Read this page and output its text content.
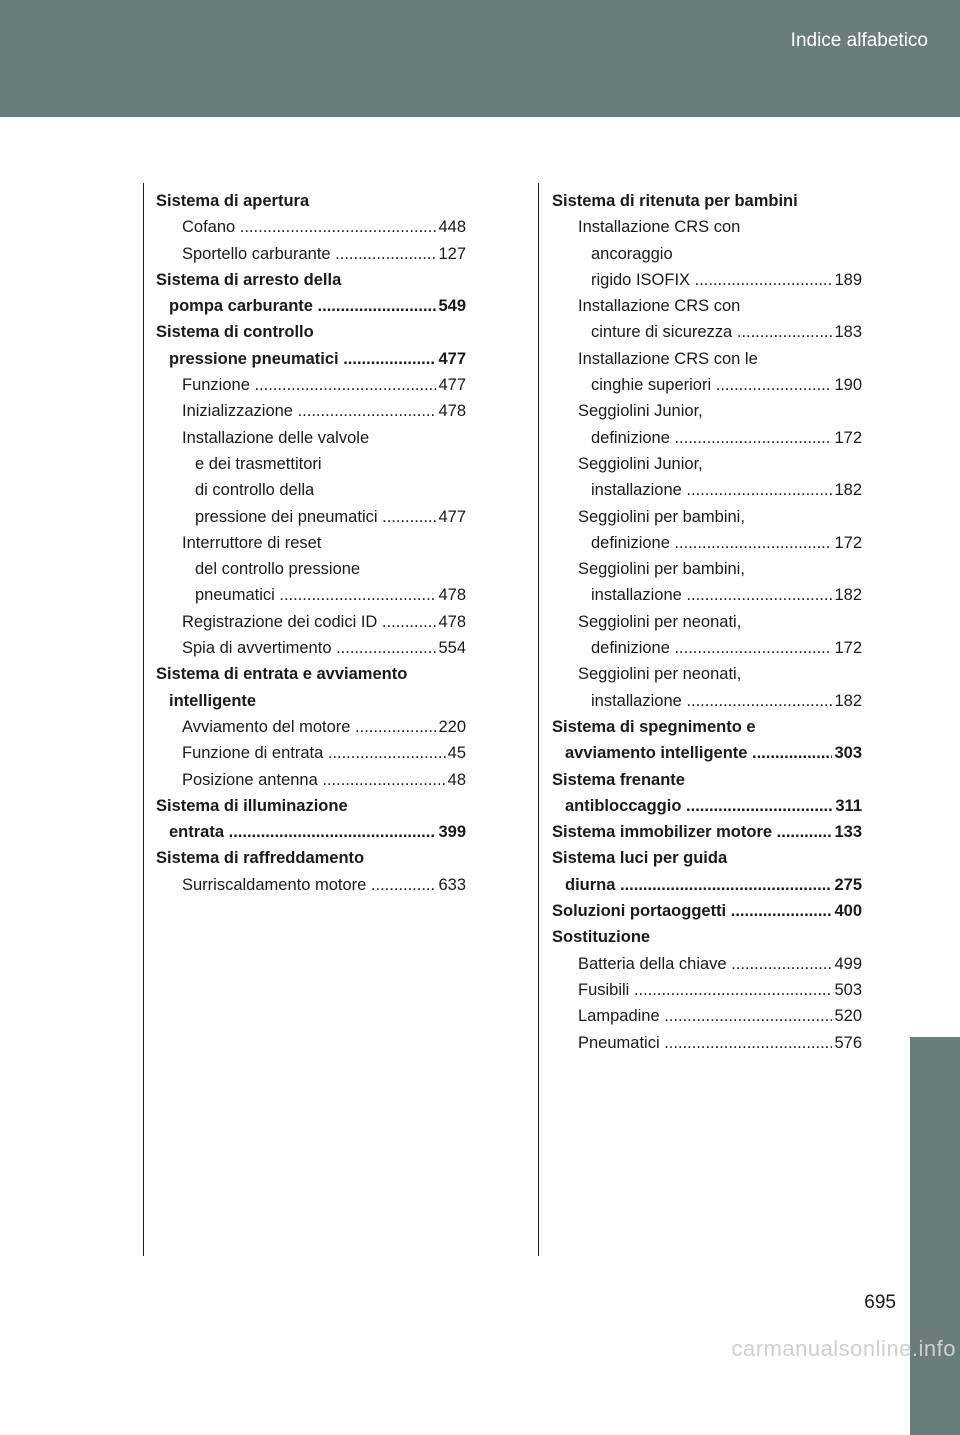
Indice alfabetico
Sistema di apertura
Cofano .....	448
Sportello carburante .....	127
Sistema di arresto della
pompa carburante .....	549
Sistema di controllo
pressione pneumatici .....	477
Funzione .....	477
Inizializzazione .....	478
Installazione delle valvole
e dei trasmettitori
di controllo della
pressione dei pneumatici .....	477
Interruttore di reset
del controllo pressione
pneumatici .....	478
Registrazione dei codici ID .....	478
Spia di avvertimento .....	554
Sistema di entrata e avviamento
intelligente
Avviamento del motore .....	220
Funzione di entrata .....	45
Posizione antenna .....	48
Sistema di illuminazione
entrata .....	399
Sistema di raffreddamento
Surriscaldamento motore .....	633
Sistema di ritenuta per bambini
Installazione CRS con
ancoraggio
rigido ISOFIX .....	189
Installazione CRS con
cinture di sicurezza .....	183
Installazione CRS con le
cinghie superiori .....	190
Seggiolini Junior,
definizione .....	172
Seggiolini Junior,
installazione .....	182
Seggiolini per bambini,
definizione .....	172
Seggiolini per bambini,
installazione .....	182
Seggiolini per neonati,
definizione .....	172
Seggiolini per neonati,
installazione .....	182
Sistema di spegnimento e
avviamento intelligente .....	303
Sistema frenante
antibloccaggio .....	311
Sistema immobilizer motore .....	133
Sistema luci per guida
diurna .....	275
Soluzioni portaoggetti .....	400
Sostituzione
Batteria della chiave .....	499
Fusibili .....	503
Lampadine .....	520
Pneumatici .....	576
695
carmanualsonline.info
